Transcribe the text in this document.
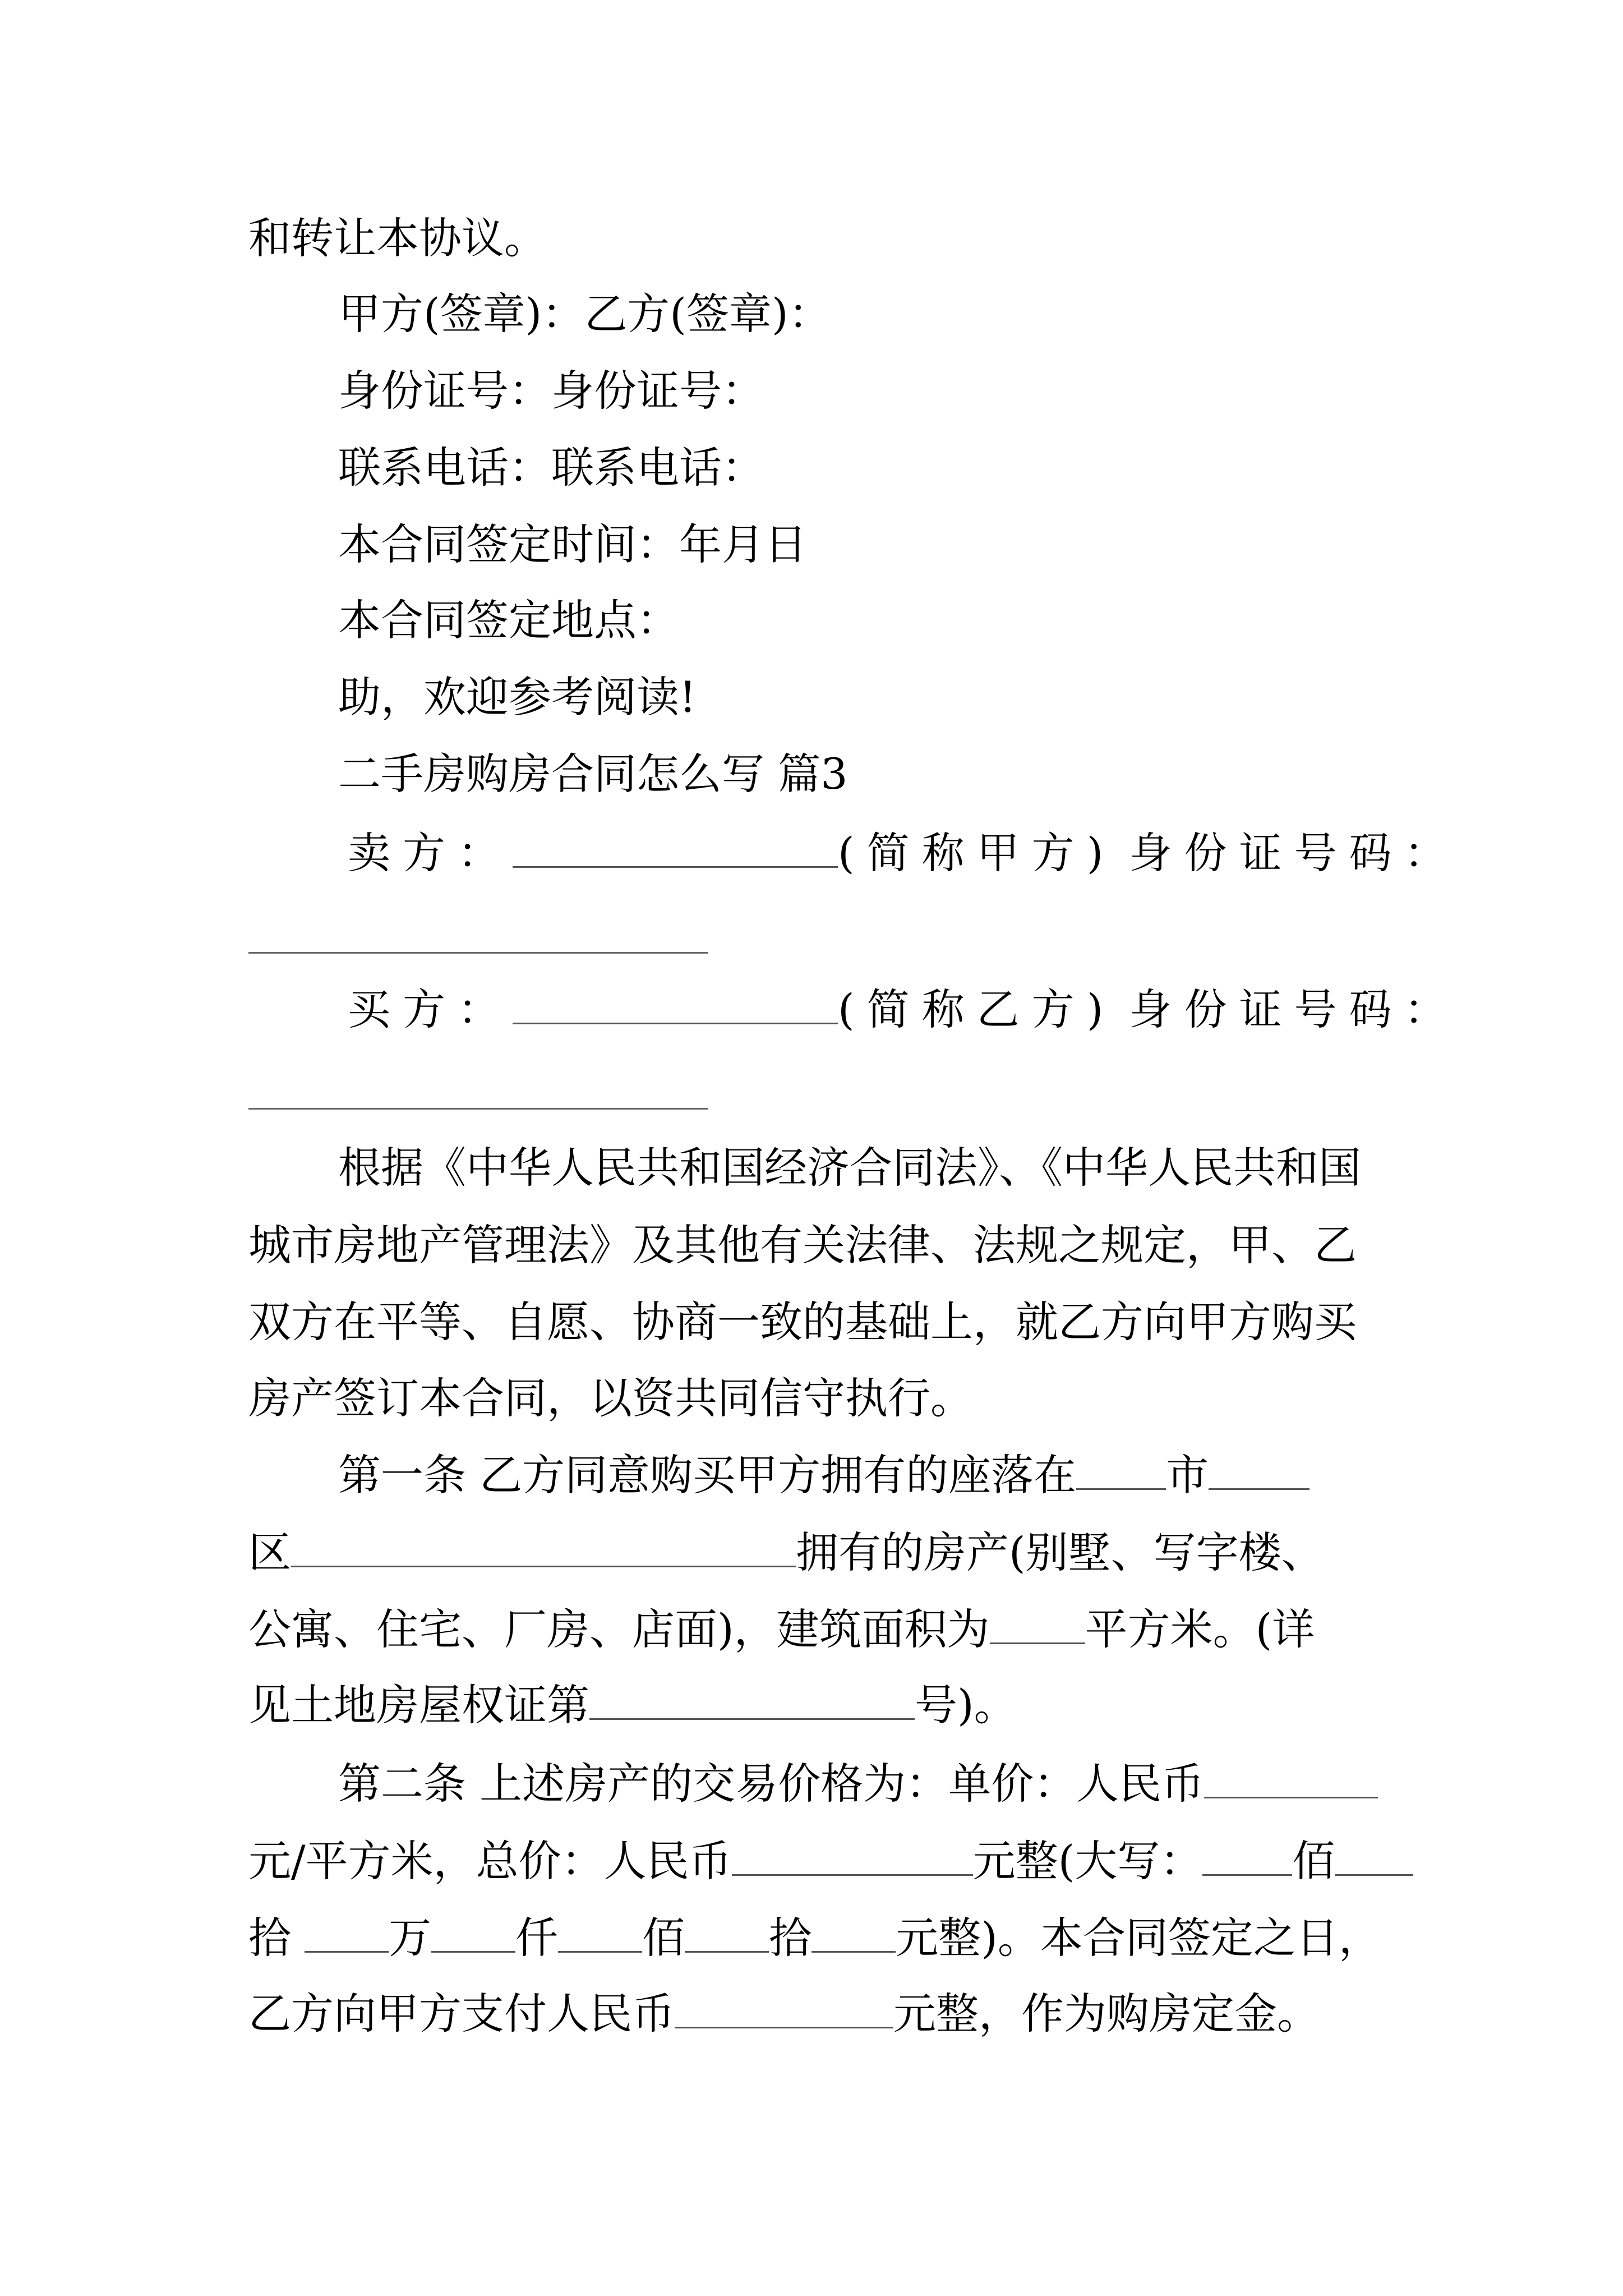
和转让本协议。
甲方(签章)：乙方(签章)：
身份证号：身份证号：
联系电话：联系电话：
本合同签定时间：年月日
本合同签定地点：
助，欢迎参考阅读!
二手房购房合同怎么写 篇3
卖方：	(简称甲方) 身份证号码：
买方：	(简称乙方) 身份证号码：
根据《中华人民共和国经济合同法》、《中华人民共和国
城市房地产管理法》及其他有关法律、法规之规定，甲、乙
双方在平等、自愿、协商一致的基础上，就乙方向甲方购买
房产签订本合同，以资共同信守执行。
第一条 乙方同意购买甲方拥有的座落在 市
区	拥有的房产(别墅、写字楼、
公寓、住宅、厂房、店面)，建筑面积为 平方米。(详
见土地房屋权证第	号)。
第二条 上述房产的交易价格为：单价：人民币
元/平方米，总价：人民币	元整(大写： 佰
拾 万 仟 佰 拾 元整)。本合同签定之日，
乙方向甲方支付人民币	元整，作为购房定金。
